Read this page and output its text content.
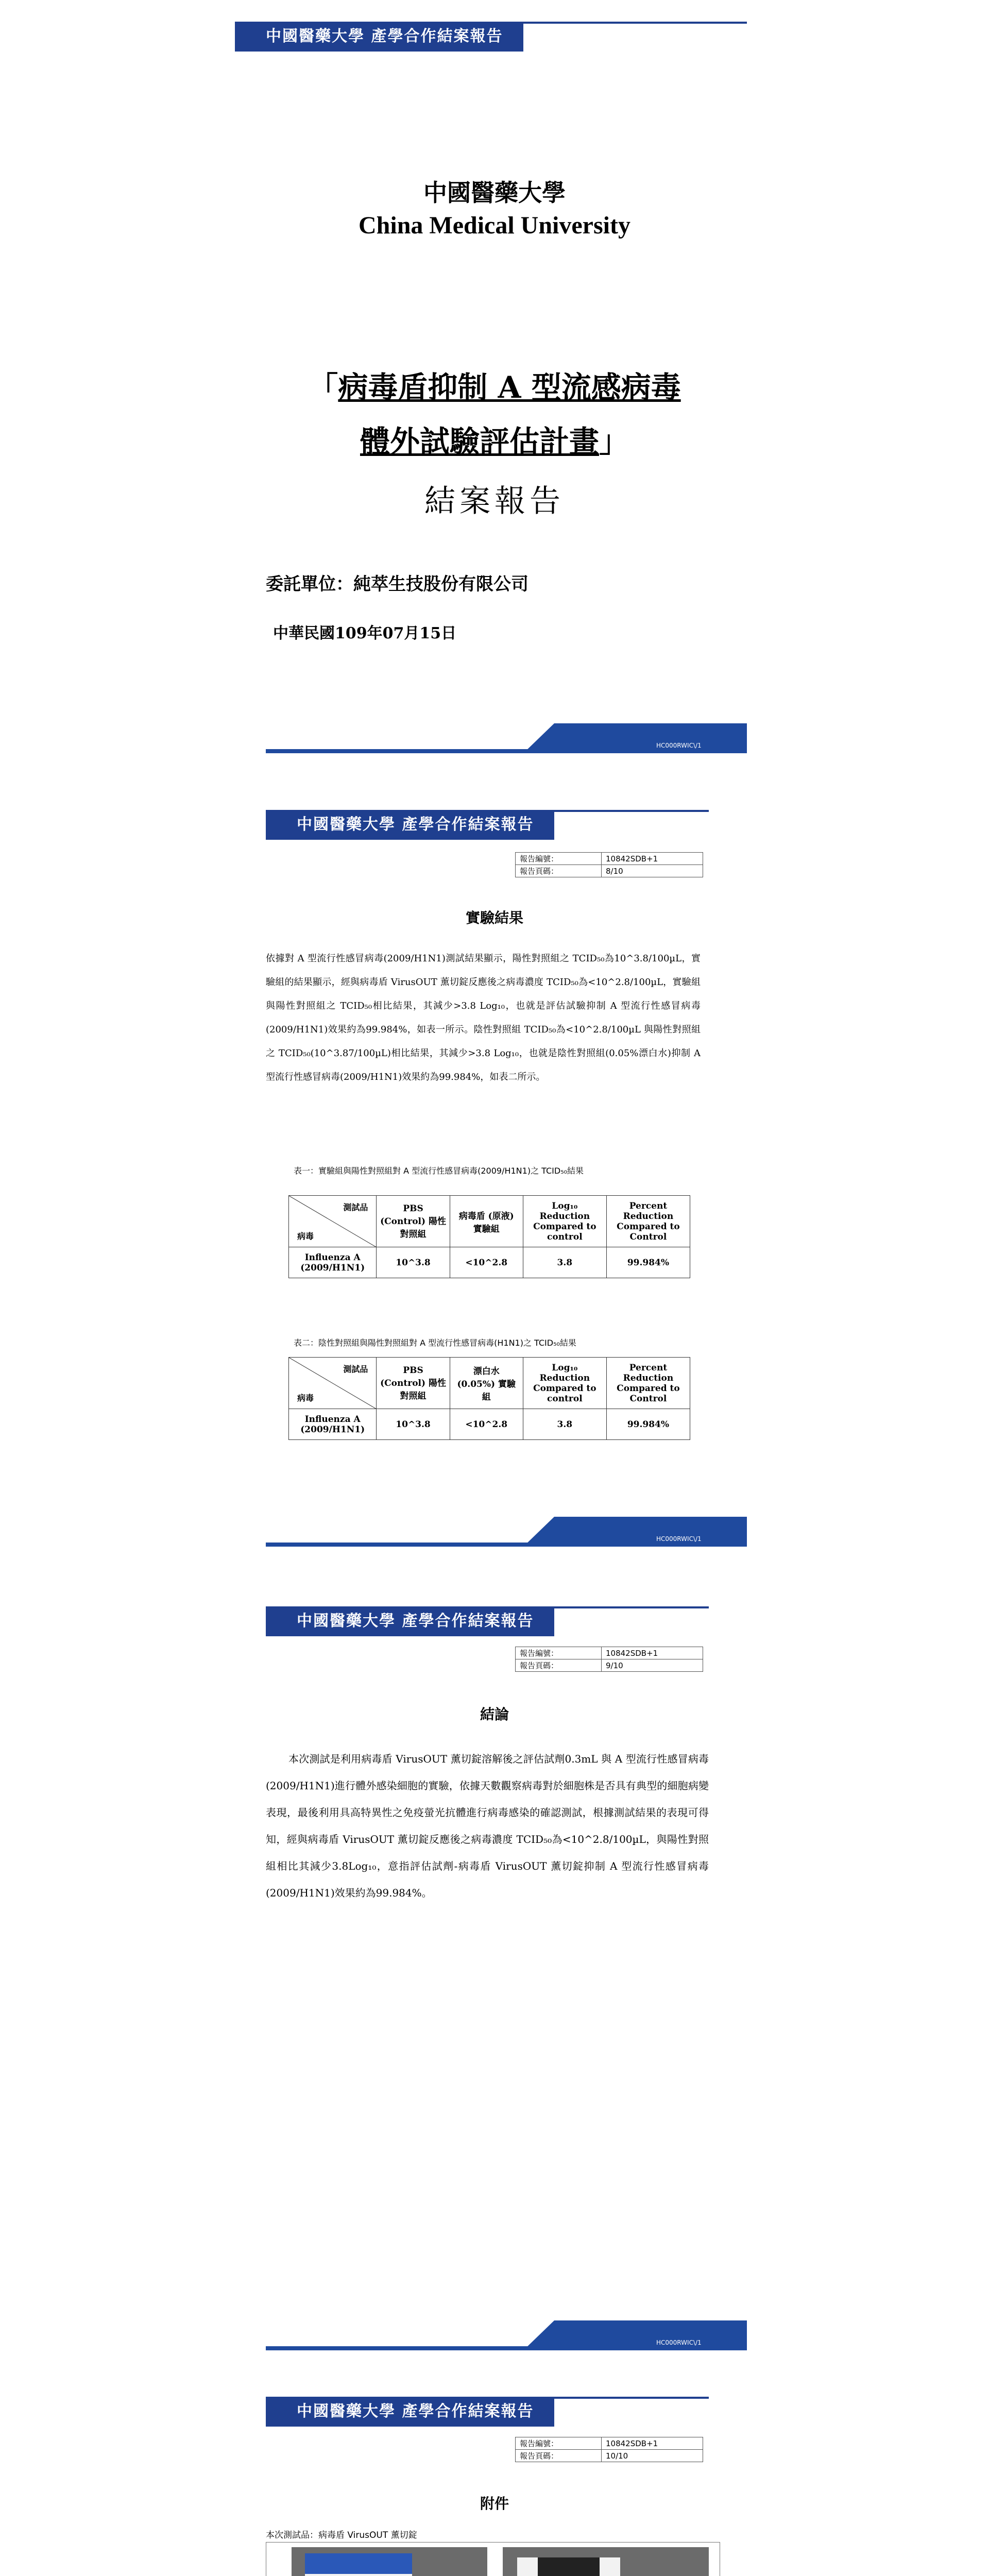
中國醫藥大學 產學合作結案報告
中國醫藥大學
China Medical University
「病毒盾抑制 A 型流感病毒
體外試驗評估計畫」
結案報告
委託單位：純萃生技股份有限公司
中華民國109年07月15日
HC000RWIC\/1
中國醫藥大學 產學合作結案報告
報告編號：	10842SDB+1
報告頁碼：	8/10
實驗結果
依據對 A 型流行性感冒病毒(2009/H1N1)測試結果顯示，陽性對照組之 TCID₅₀為10^3.8/100µL，實驗組的結果顯示，經與病毒盾 VirusOUT 薰切錠反應後之病毒濃度 TCID₅₀為<10^2.8/100µL，實驗組與陽性對照組之 TCID₅₀相比結果，其減少>3.8 Log₁₀，也就是評估試驗抑制 A 型流行性感冒病毒(2009/H1N1)效果約為99.984%，如表一所示。陰性對照組 TCID₅₀為<10^2.8/100µL 與陽性對照組之 TCID₅₀(10^3.87/100µL)相比結果，其減少>3.8 Log₁₀，也就是陰性對照組(0.05%漂白水)抑制 A 型流行性感冒病毒(2009/H1N1)效果約為99.984%，如表二所示。
表一：實驗組與陽性對照組對 A 型流行性感冒病毒(2009/H1N1)之 TCID₅₀結果
測試品
病毒	PBS (Control) 陽性對照組	病毒盾 (原液) 實驗組	Log₁₀ Reduction Compared to control	Percent Reduction Compared to Control
Influenza A (2009/H1N1)	10^3.8	<10^2.8	3.8	99.984%
表二：陰性對照組與陽性對照組對 A 型流行性感冒病毒(H1N1)之 TCID₅₀結果
測試品
病毒	PBS (Control) 陽性對照組	漂白水 (0.05%) 實驗組	Log₁₀ Reduction Compared to control	Percent Reduction Compared to Control
Influenza A (2009/H1N1)	10^3.8	<10^2.8	3.8	99.984%
HC000RWIC\/1
中國醫藥大學 產學合作結案報告
報告編號：	10842SDB+1
報告頁碼：	9/10
結論
本次測試是利用病毒盾 VirusOUT 薰切錠溶解後之評估試劑0.3mL 與 A 型流行性感冒病毒(2009/H1N1)進行體外感染細胞的實驗，依據天數觀察病毒對於細胞株是否具有典型的細胞病變表現，最後利用具高特異性之免疫螢光抗體進行病毒感染的確認測試，根據測試結果的表現可得知，經與病毒盾 VirusOUT 薰切錠反應後之病毒濃度 TCID₅₀為<10^2.8/100µL，與陽性對照組相比其減少3.8Log₁₀，意指評估試劑-病毒盾 VirusOUT 薰切錠抑制 A 型流行性感冒病毒(2009/H1N1)效果約為99.984%。
HC000RWIC\/1
中國醫藥大學 產學合作結案報告
報告編號：	10842SDB+1
報告頁碼：	10/10
附件
本次測試品：病毒盾 VirusOUT 薰切錠
